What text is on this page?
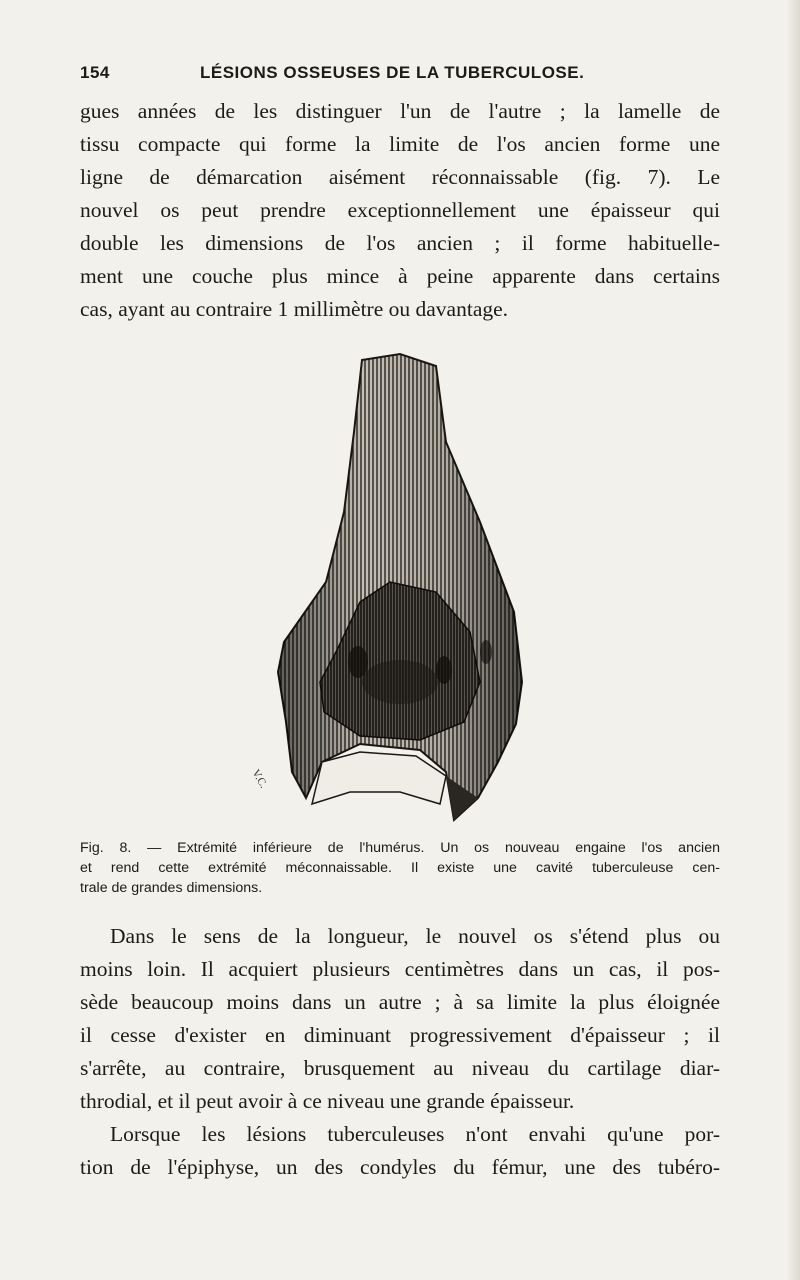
154	LÉSIONS OSSEUSES DE LA TUBERCULOSE.
gues années de les distinguer l'un de l'autre ; la lamelle de
tissu compacte qui forme la limite de l'os ancien forme une
ligne de démarcation aisément réconnaissable (fig. 7). Le
nouvel os peut prendre exceptionnellement une épaisseur qui
double les dimensions de l'os ancien ; il forme habituelle-
ment une couche plus mince à peine apparente dans certains
cas, ayant au contraire 1 millimètre ou davantage.
V.C.
Fig. 8. — Extrémité inférieure de l'humérus. Un os nouveau engaine l'os ancien
et rend cette extrémité méconnaissable. Il existe une cavité tuberculeuse cen-
trale de grandes dimensions.
Dans le sens de la longueur, le nouvel os s'étend plus ou
moins loin. Il acquiert plusieurs centimètres dans un cas, il pos-
sède beaucoup moins dans un autre ; à sa limite la plus éloignée
il cesse d'exister en diminuant progressivement d'épaisseur ; il
s'arrête, au contraire, brusquement au niveau du cartilage diar-
throdial, et il peut avoir à ce niveau une grande épaisseur.
Lorsque les lésions tuberculeuses n'ont envahi qu'une por-
tion de l'épiphyse, un des condyles du fémur, une des tubéro-
